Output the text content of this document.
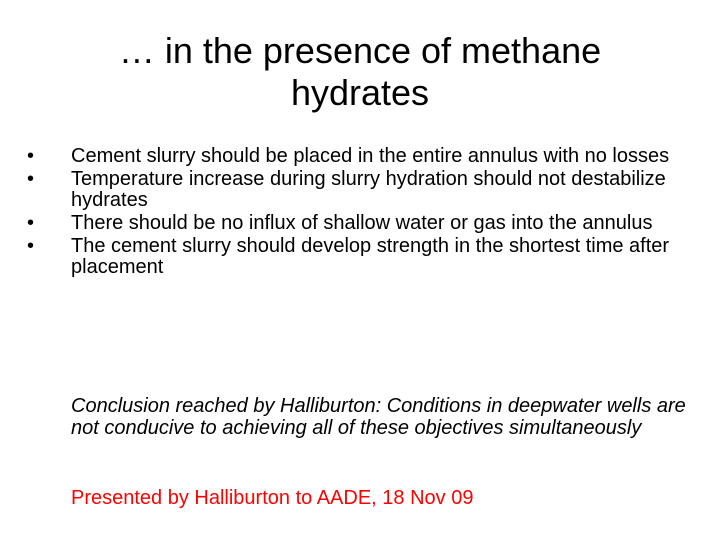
… in the presence of methane
hydrates
• Cement slurry should be placed in the entire annulus with no losses
• Temperature increase during slurry hydration should not destabilize hydrates
• There should be no influx of shallow water or gas into the annulus
• The cement slurry should develop strength in the shortest time after placement

Conclusion reached by Halliburton: Conditions in deepwater wells are not conducive to achieving all of these objectives simultaneously

Presented by Halliburton to AADE, 18 Nov 09
